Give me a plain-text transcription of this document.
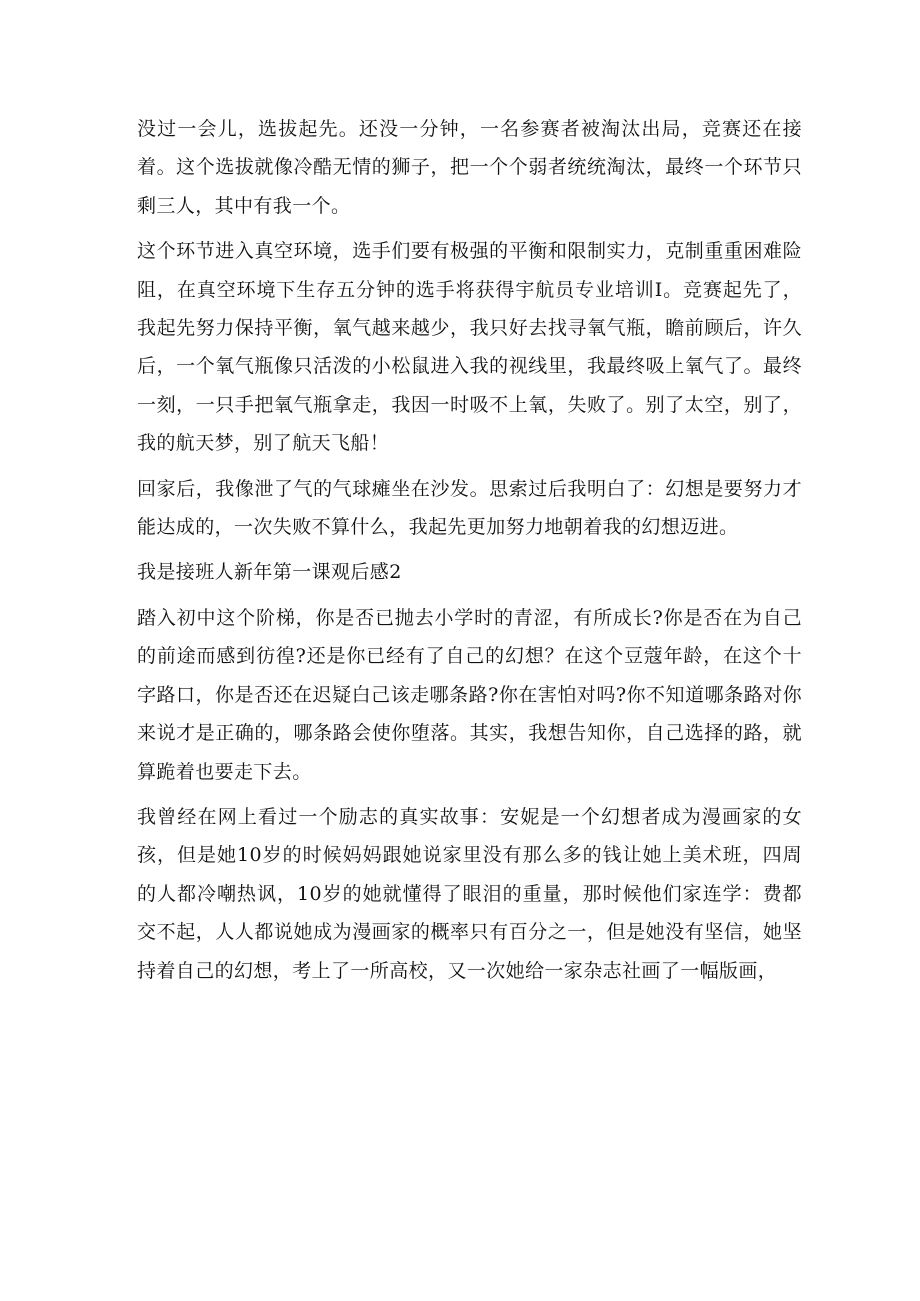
没过一会儿，选拔起先。还没一分钟，一名参赛者被淘汰出局，竞赛还在接着。这个选拔就像冷酷无情的狮子，把一个个弱者统统淘汰，最终一个环节只剩三人，其中有我一个。

这个环节进入真空环境，选手们要有极强的平衡和限制实力，克制重重困难险阻，在真空环境下生存五分钟的选手将获得宇航员专业培训I。竞赛起先了，我起先努力保持平衡，氧气越来越少，我只好去找寻氧气瓶，瞻前顾后，许久后，一个氧气瓶像只活泼的小松鼠进入我的视线里，我最终吸上氧气了。最终一刻，一只手把氧气瓶拿走，我因一时吸不上氧，失败了。别了太空，别了，我的航天梦，别了航天飞船！

回家后，我像泄了气的气球瘫坐在沙发。思索过后我明白了：幻想是要努力才能达成的，一次失败不算什么，我起先更加努力地朝着我的幻想迈进。

我是接班人新年第一课观后感2

踏入初中这个阶梯，你是否已抛去小学时的青涩，有所成长?你是否在为自己的前途而感到彷徨?还是你已经有了自己的幻想？在这个豆蔻年龄，在这个十字路口，你是否还在迟疑白己该走哪条路?你在害怕对吗?你不知道哪条路对你来说才是正确的，哪条路会使你堕落。其实，我想告知你，自己选择的路，就算跪着也要走下去。

我曾经在网上看过一个励志的真实故事：安妮是一个幻想者成为漫画家的女孩，但是她10岁的时候妈妈跟她说家里没有那么多的钱让她上美术班，四周的人都冷嘲热讽，10岁的她就懂得了眼泪的重量，那时候他们家连学：费都交不起，人人都说她成为漫画家的概率只有百分之一，但是她没有坚信，她坚持着自己的幻想，考上了一所高校，又一次她给一家杂志社画了一幅版画，
